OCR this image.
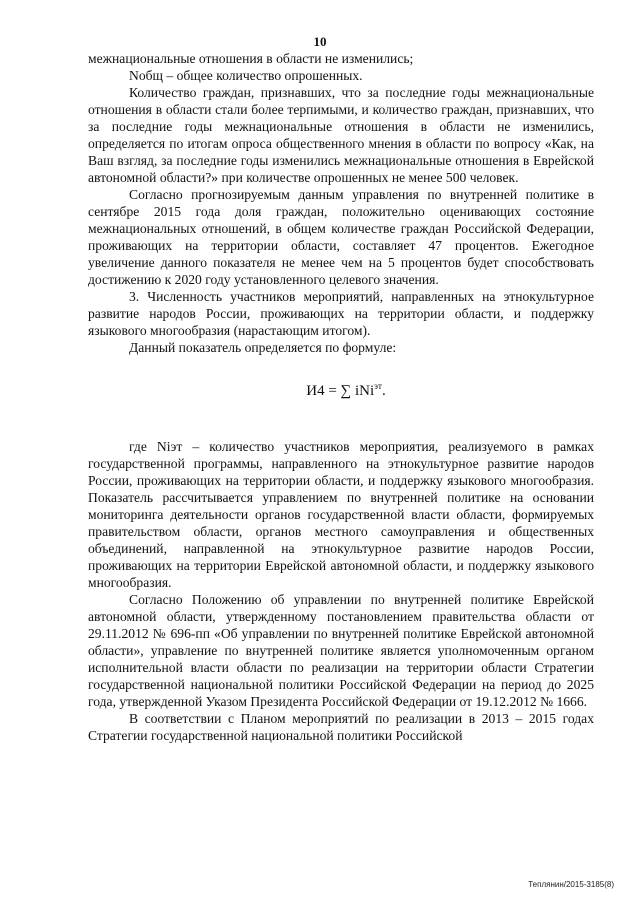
10

межнациональные отношения в области не изменились;

Nобщ – общее количество опрошенных.

Количество граждан, признавших, что за последние годы межнациональные отношения в области стали более терпимыми, и количество граждан, признавших, что за последние годы межнациональные отношения в области не изменились, определяется по итогам опроса общественного мнения в области по вопросу «Как, на Ваш взгляд, за последние годы изменились межнациональные отношения в Еврейской автономной области?» при количестве опрошенных не менее 500 человек.

Согласно прогнозируемым данным управления по внутренней политике в сентябре 2015 года доля граждан, положительно оценивающих состояние межнациональных отношений, в общем количестве граждан Российской Федерации, проживающих на территории области, составляет 47 процентов. Ежегодное увеличение данного показателя не менее чем на 5 процентов будет способствовать достижению к 2020 году установленного целевого значения.

3. Численность участников мероприятий, направленных на этнокультурное развитие народов России, проживающих на территории области, и поддержку языкового многообразия (нарастающим итогом).

Данный показатель определяется по формуле:

И4 = ∑ iNi$^{эт}$.

где Niэт – количество участников мероприятия, реализуемого в рамках государственной программы, направленного на этнокультурное развитие народов России, проживающих на территории области, и поддержку языкового многообразия. Показатель рассчитывается управлением по внутренней политике на основании мониторинга деятельности органов государственной власти области, формируемых правительством области, органов местного самоуправления и общественных объединений, направленной на этнокультурное развитие народов России, проживающих на территории Еврейской автономной области, и поддержку языкового многообразия.

Согласно Положению об управлении по внутренней политике Еврейской автономной области, утвержденному постановлением правительства области от 29.11.2012 № 696-пп «Об управлении по внутренней политике Еврейской автономной области», управление по внутренней политике является уполномоченным органом исполнительной власти области по реализации на территории области Стратегии государственной национальной политики Российской Федерации на период до 2025 года, утвержденной Указом Президента Российской Федерации от 19.12.2012 № 1666.

В соответствии с Планом мероприятий по реализации в 2013 – 2015 годах Стратегии государственной национальной политики Российской

Теплянин/2015-3185(8)
